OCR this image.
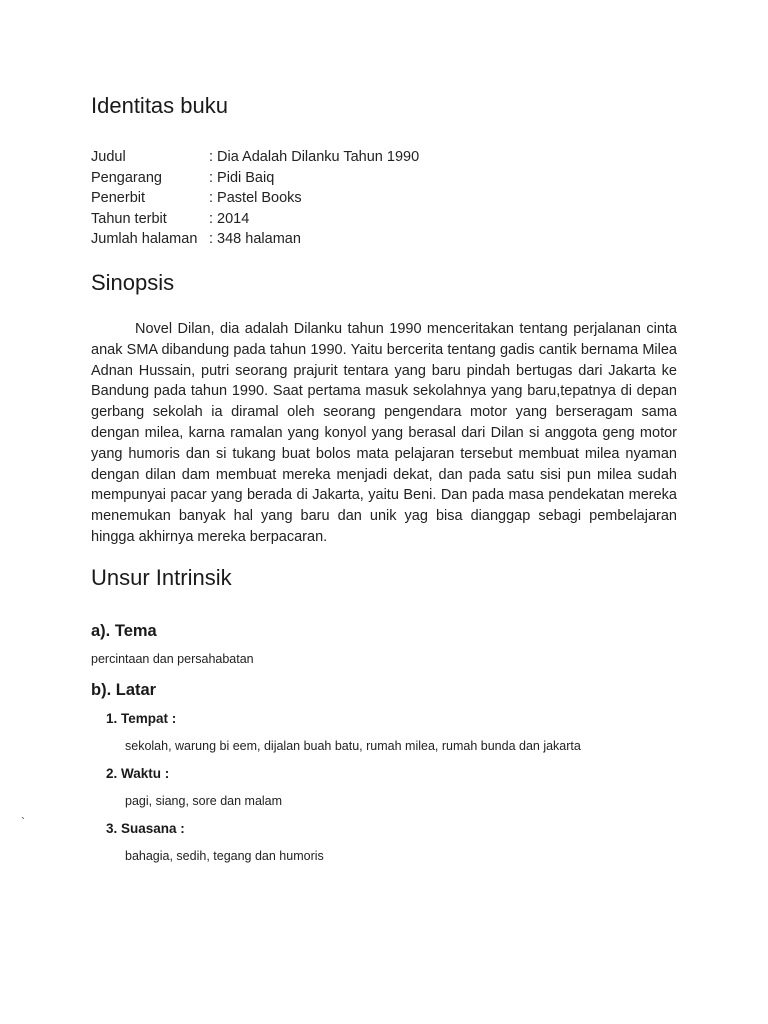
Identitas buku
Judul	: Dia Adalah Dilanku Tahun 1990
Pengarang	: Pidi Baiq
Penerbit	: Pastel Books
Tahun terbit	: 2014
Jumlah halaman : 348 halaman
Sinopsis

Novel Dilan, dia adalah Dilanku tahun 1990 menceritakan tentang perjalanan cinta anak SMA dibandung pada tahun 1990. Yaitu bercerita tentang gadis cantik bernama Milea Adnan Hussain, putri seorang prajurit tentara yang baru pindah bertugas dari Jakarta ke Bandung pada tahun 1990. Saat pertama masuk sekolahnya yang baru,tepatnya di depan gerbang sekolah ia diramal oleh seorang pengendara motor yang berseragam sama dengan milea, karna ramalan yang konyol yang berasal dari Dilan si anggota geng motor yang humoris dan si tukang buat bolos mata pelajaran tersebut membuat milea nyaman dengan dilan dam membuat mereka menjadi dekat, dan pada satu sisi pun milea sudah mempunyai pacar yang berada di Jakarta, yaitu Beni. Dan pada masa pendekatan mereka menemukan banyak hal yang baru dan unik yag bisa dianggap sebagi pembelajaran hingga akhirnya mereka berpacaran.

Unsur Intrinsik
a). Tema

percintaan dan persahabatan

b). Latar
1. Tempat :

sekolah, warung bi eem, dijalan buah batu, rumah milea, rumah bunda dan jakarta

2. Waktu :

pagi, siang, sore dan malam

`	3. Suasana :

bahagia, sedih, tegang dan humoris
